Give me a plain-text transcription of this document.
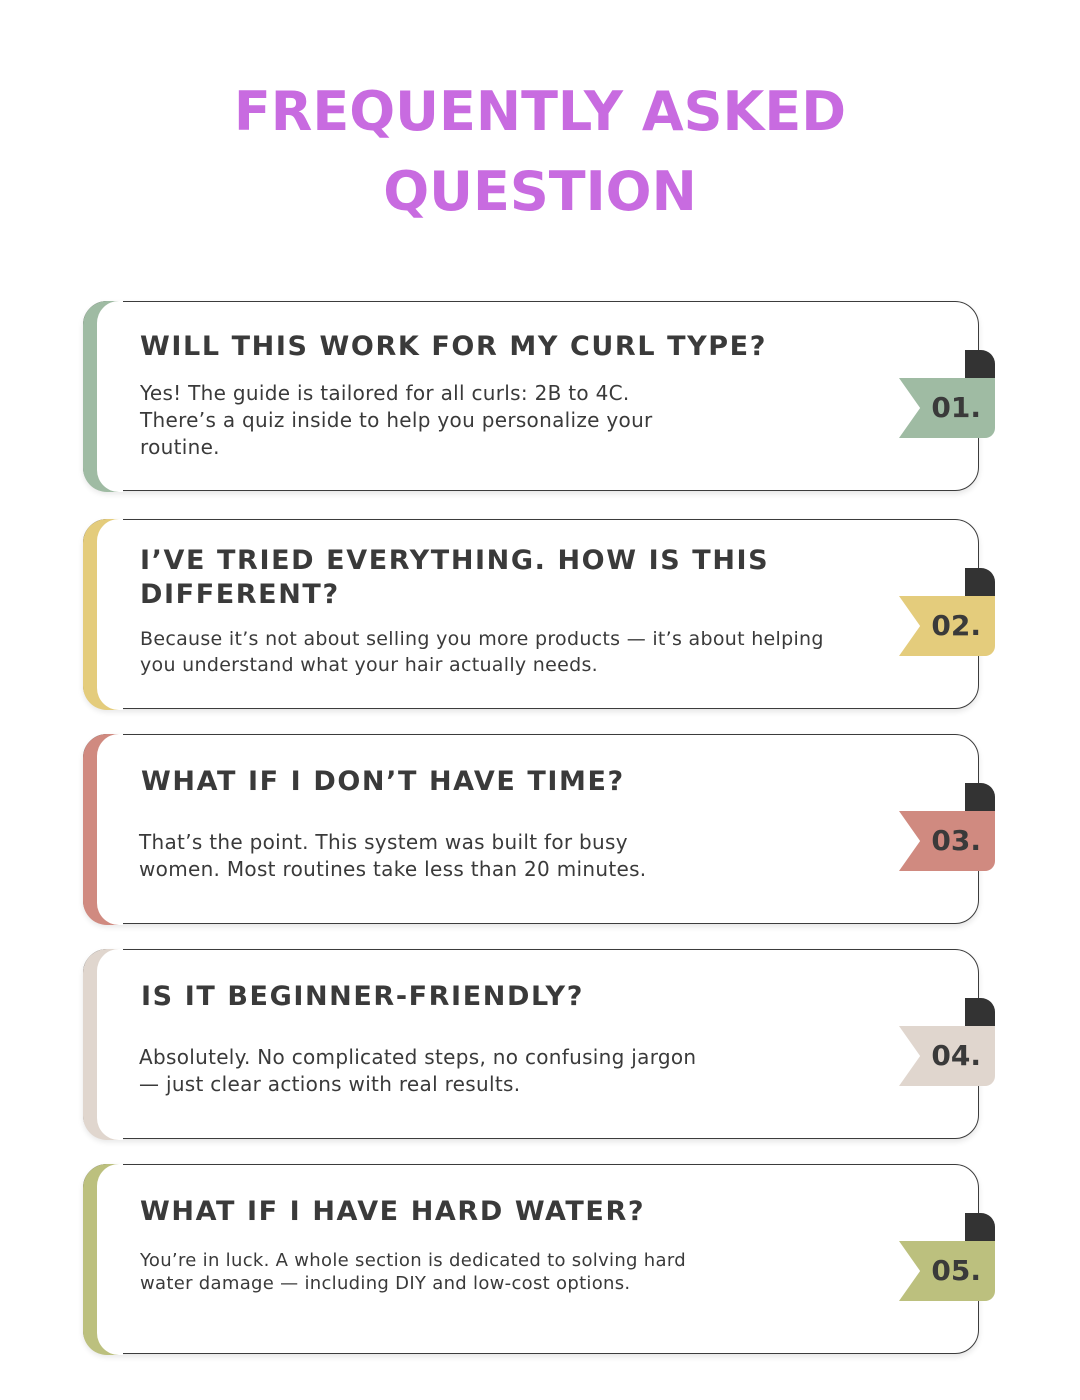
FREQUENTLY ASKED
QUESTION

WILL THIS WORK FOR MY CURL TYPE?

Yes! The guide is tailored for all curls: 2B to 4C.
There’s a quiz inside to help you personalize your
routine.

01.

I’VE TRIED EVERYTHING. HOW IS THIS
DIFFERENT?

Because it’s not about selling you more products — it’s about helping
you understand what your hair actually needs.

02.

WHAT IF I DON’T HAVE TIME?

That’s the point. This system was built for busy
women. Most routines take less than 20 minutes.

03.

IS IT BEGINNER-FRIENDLY?

Absolutely. No complicated steps, no confusing jargon
— just clear actions with real results.

04.

WHAT IF I HAVE HARD WATER?

You’re in luck. A whole section is dedicated to solving hard
water damage — including DIY and low-cost options.	05.
